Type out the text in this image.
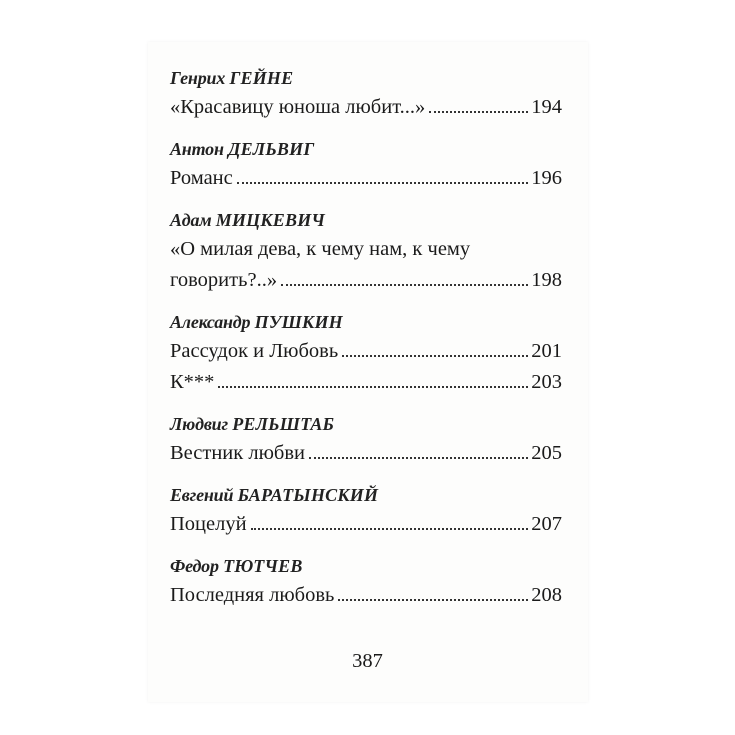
Генрих ГЕЙНЕ
«Красавицу юноша любит...»	194
Антон ДЕЛЬВИГ
Романс	196
Адам МИЦКЕВИЧ
«О милая дева, к чему нам, к чему
говорить?..»	198
Александр ПУШКИН
Рассудок и Любовь	201
К***	203
Людвиг РЕЛЬШТАБ
Вестник любви	205
Евгений БАРАТЫНСКИЙ
Поцелуй	207
Федор ТЮТЧЕВ
Последняя любовь	208
387
